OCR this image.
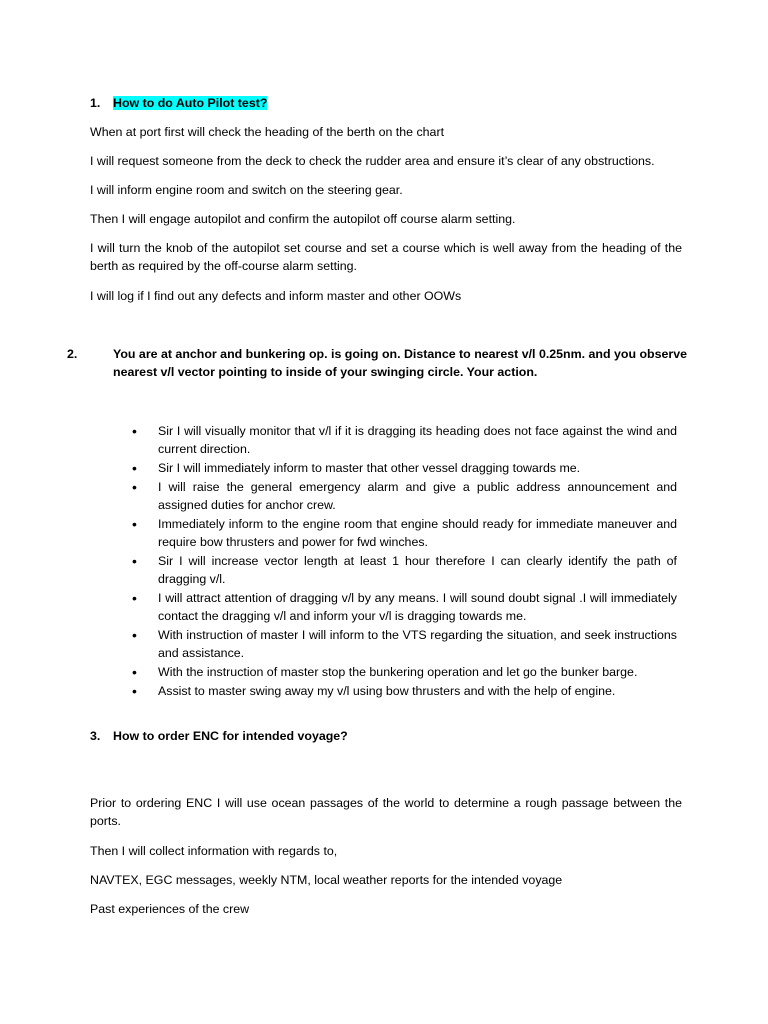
1. How to do Auto Pilot test?
When at port first will check the heading of the berth on the chart
I will request someone from the deck to check the rudder area and ensure it’s clear of any obstructions.
I will inform engine room and switch on the steering gear.
Then I will engage autopilot and confirm the autopilot off course alarm setting.
I will turn the knob of the autopilot set course and set a course which is well away from the heading of the berth as required by the off-course alarm setting.
I will log if I find out any defects and inform master and other OOWs
2.	You are at anchor and bunkering op. is going on. Distance to nearest v/l 0.25nm. and you observe nearest v/l vector pointing to inside of your swinging circle. Your action.
• Sir I will visually monitor that v/l if it is dragging its heading does not face against the wind and current direction.
• Sir I will immediately inform to master that other vessel dragging towards me.
• I will raise the general emergency alarm and give a public address announcement and assigned duties for anchor crew.
• Immediately inform to the engine room that engine should ready for immediate maneuver and require bow thrusters and power for fwd winches.
• Sir I will increase vector length at least 1 hour therefore I can clearly identify the path of dragging v/l.
• I will attract attention of dragging v/l by any means. I will sound doubt signal .I will immediately contact the dragging v/l and inform your v/l is dragging towards me.
• With instruction of master I will inform to the VTS regarding the situation, and seek instructions and assistance.
• With the instruction of master stop the bunkering operation and let go the bunker barge.
• Assist to master swing away my v/l using bow thrusters and with the help of engine.
3. How to order ENC for intended voyage?
Prior to ordering ENC I will use ocean passages of the world to determine a rough passage between the ports.
Then I will collect information with regards to,
NAVTEX, EGC messages, weekly NTM, local weather reports for the intended voyage
Past experiences of the crew
